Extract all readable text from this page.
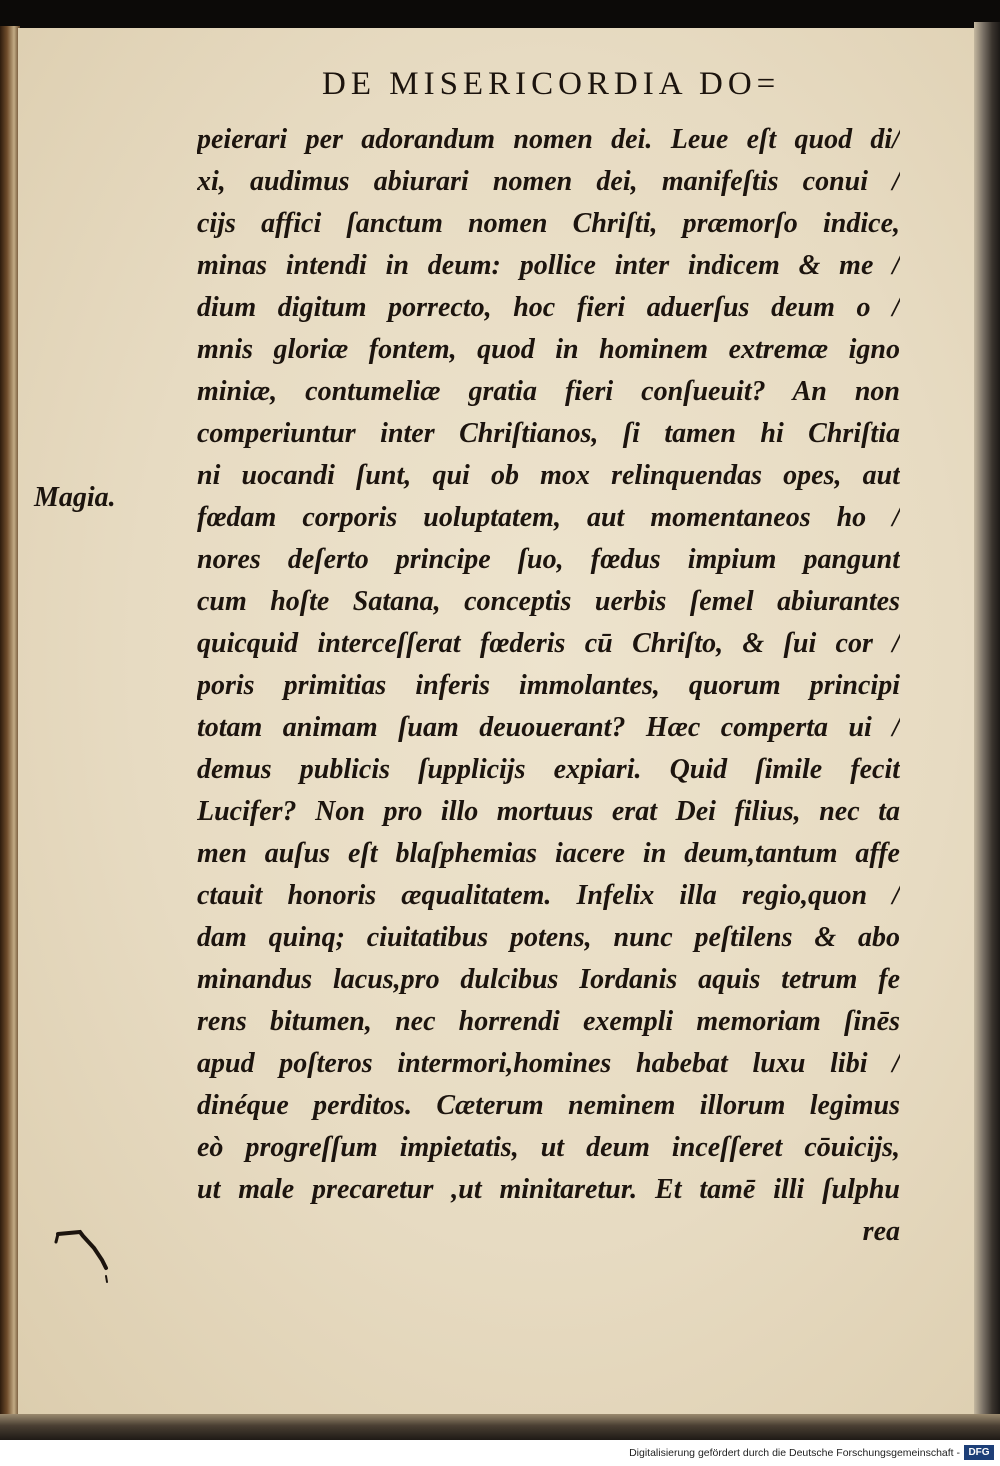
DE MISERICORDIA DO=
Magia.
peierari per adorandum nomen dei. Leue eſt quod di/
xi, audimus abiurari nomen dei, manifeſtis conui /
cijs affici ſanctum nomen Chriſti, præmorſo indice,
minas intendi in deum: pollice inter indicem & me /
dium digitum porrecto, hoc fieri aduerſus deum o /
mnis gloriæ fontem, quod in hominem extremæ igno
miniæ, contumeliæ gratia fieri conſueuit? An non
comperiuntur inter Chriſtianos, ſi tamen hi Chriſtia
ni uocandi ſunt, qui ob mox relinquendas opes, aut
fœdam corporis uoluptatem, aut momentaneos ho /
nores deſerto principe ſuo, fœdus impium pangunt
cum hoſte Satana, conceptis uerbis ſemel abiurantes
quicquid interceſſerat fœderis cū Chriſto, & ſui cor /
poris primitias inferis immolantes, quorum principi
totam animam ſuam deuouerant? Hæc comperta ui /
demus publicis ſupplicijs expiari. Quid ſimile fecit
Lucifer? Non pro illo mortuus erat Dei filius, nec ta
men auſus eſt blaſphemias iacere in deum,tantum affe
ctauit honoris æqualitatem. Infelix illa regio,quon /
dam quinq; ciuitatibus potens, nunc peſtilens & abo
minandus lacus,pro dulcibus Iordanis aquis tetrum fe
rens bitumen, nec horrendi exempli memoriam ſinēs
apud poſteros intermori,homines habebat luxu libi /
dinéque perditos. Cæterum neminem illorum legimus
eò progreſſum impietatis, ut deum inceſſeret cōuicijs,
ut male precaretur ,ut minitaretur. Et tamē illi ſulphu
rea
Digitalisierung gefördert durch die Deutsche Forschungsgemeinschaft - DFG
